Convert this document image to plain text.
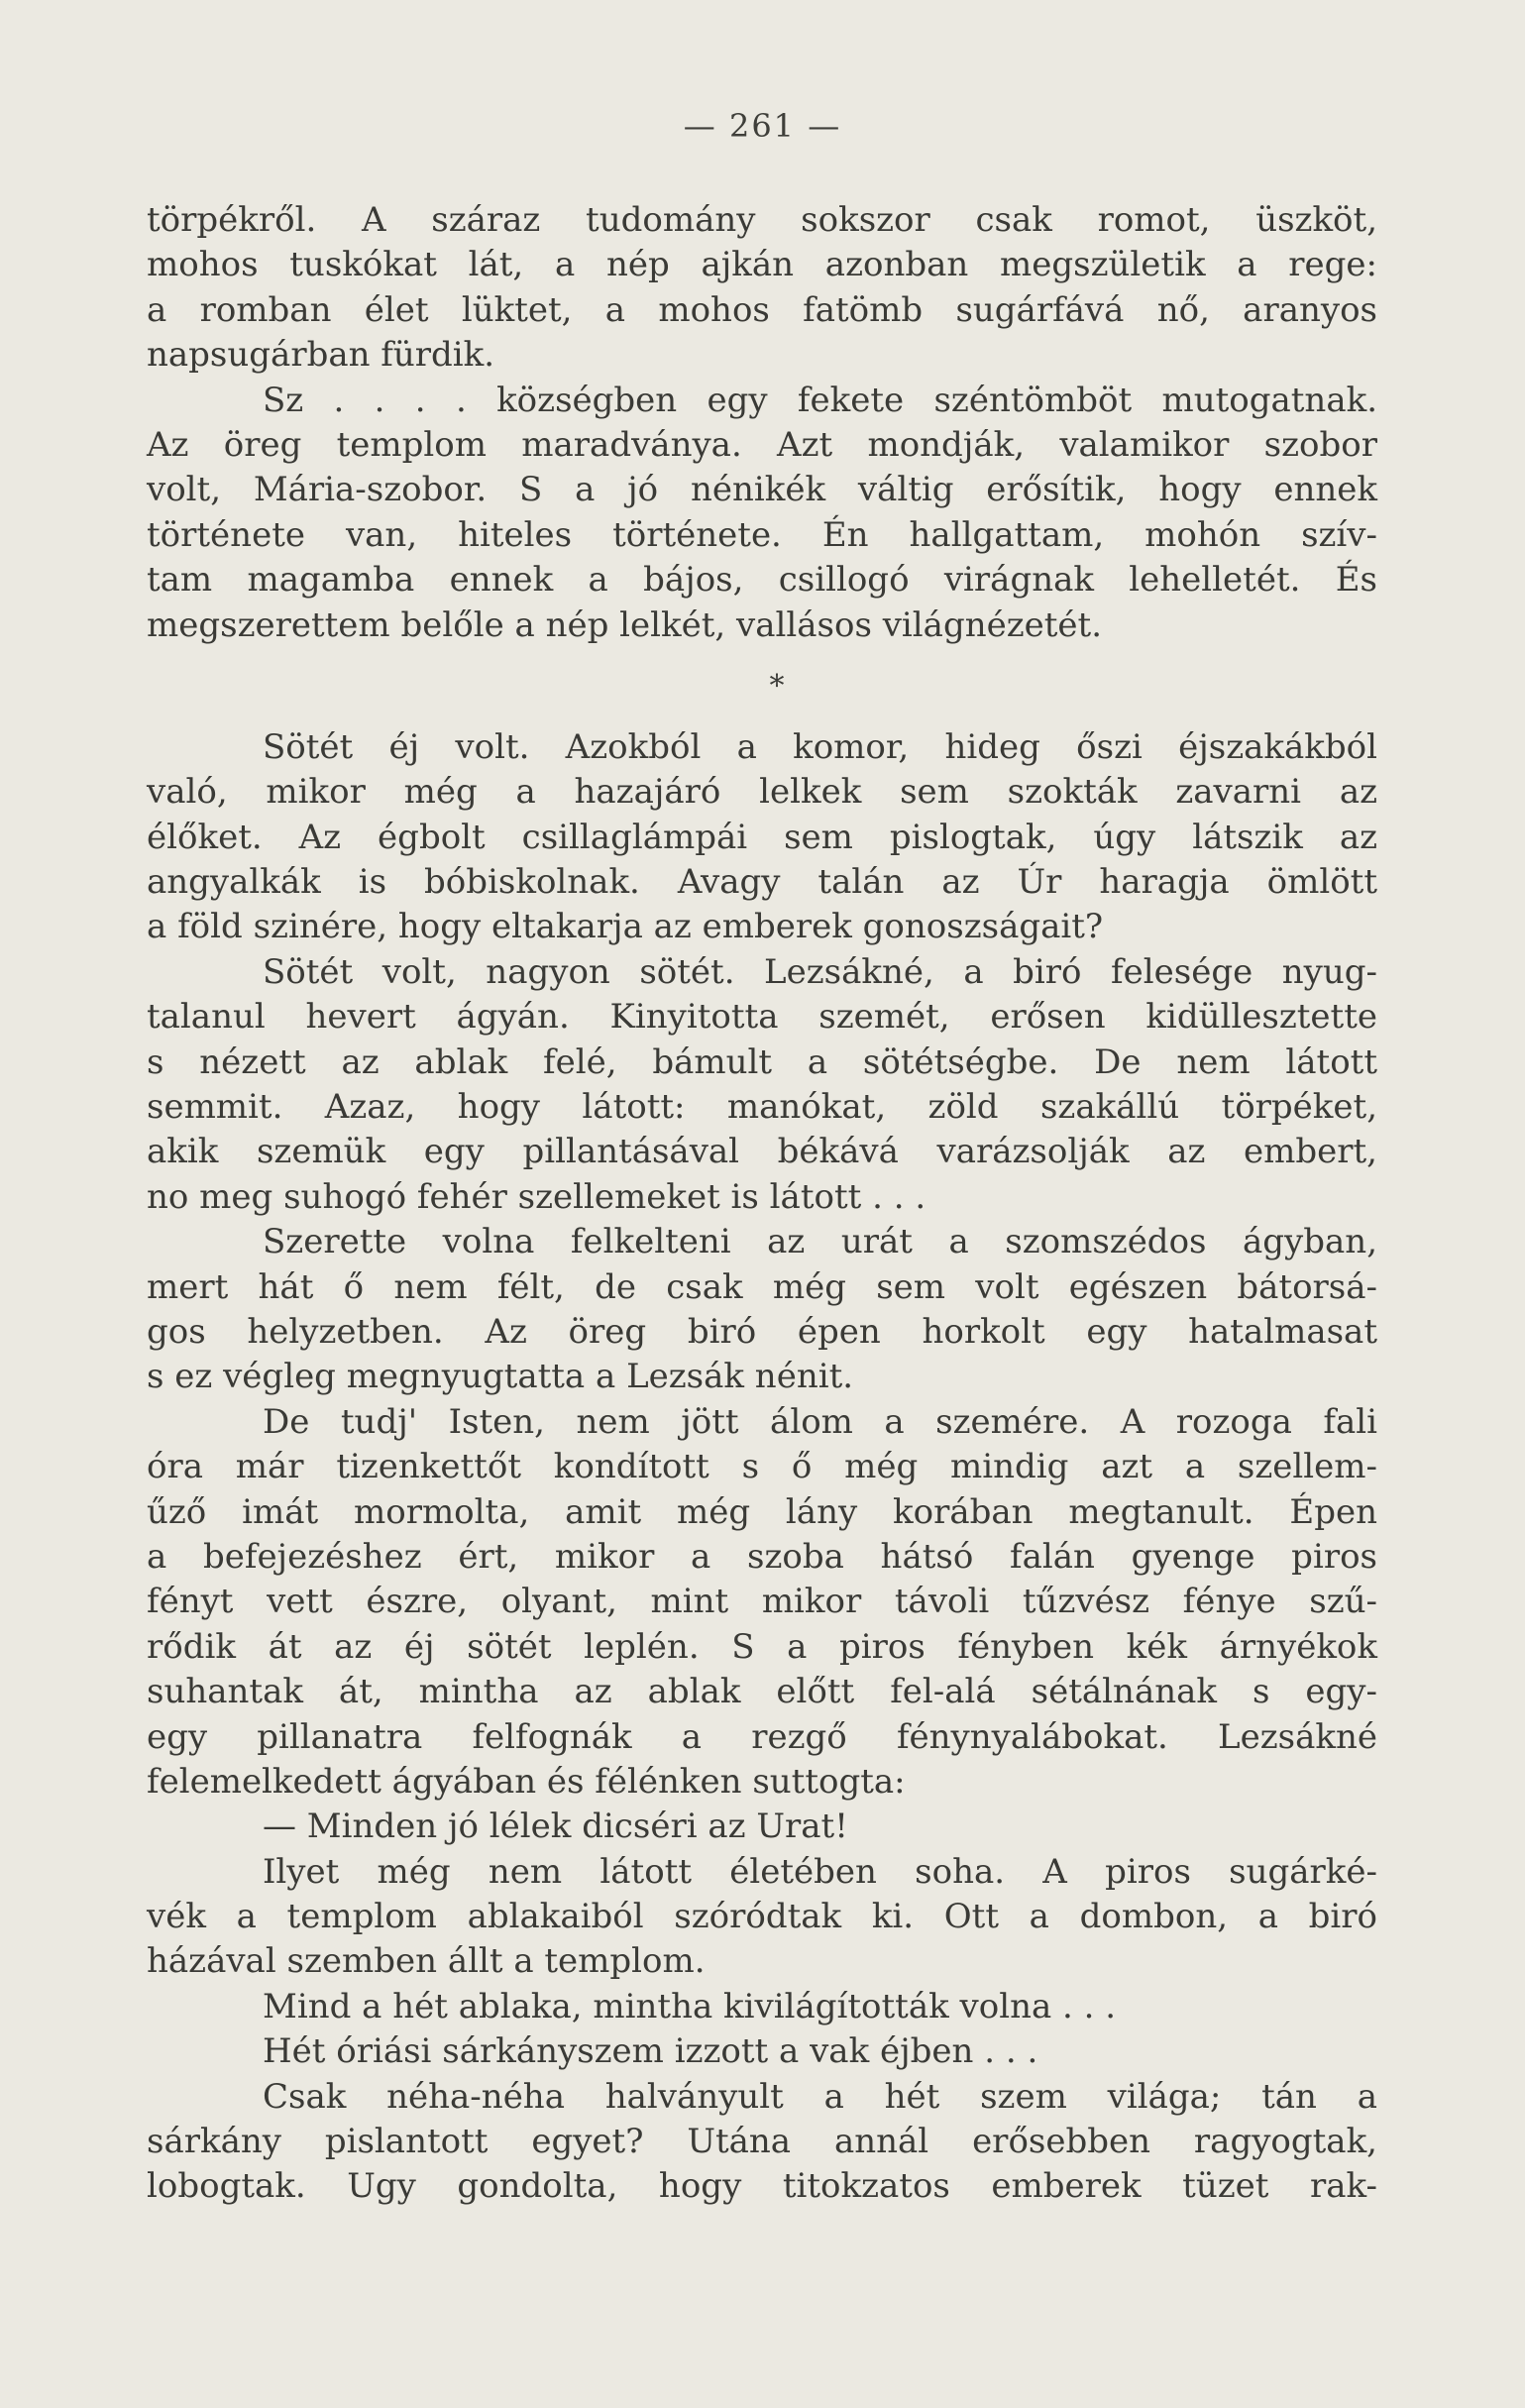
— 261 —
törpékről. A száraz tudomány sokszor csak romot, üszköt,
mohos tuskókat lát, a nép ajkán azonban megszületik a rege:
a romban élet lüktet, a mohos fatömb sugárfává nő, aranyos
napsugárban fürdik.
Sz . . . . községben egy fekete széntömböt mutogatnak.
Az öreg templom maradványa. Azt mondják, valamikor szobor
volt, Mária-szobor. S a jó nénikék váltig erősítik, hogy ennek
története van, hiteles története. Én hallgattam, mohón szív-
tam magamba ennek a bájos, csillogó virágnak lehelletét. És
megszerettem belőle a nép lelkét, vallásos világnézetét.
*
Sötét éj volt. Azokból a komor, hideg őszi éjszakákból
való, mikor még a hazajáró lelkek sem szokták zavarni az
élőket. Az égbolt csillaglámpái sem pislogtak, úgy látszik az
angyalkák is bóbiskolnak. Avagy talán az Úr haragja ömlött
a föld szinére, hogy eltakarja az emberek gonoszságait?
Sötét volt, nagyon sötét. Lezsákné, a biró felesége nyug-
talanul hevert ágyán. Kinyitotta szemét, erősen kidüllesztette
s nézett az ablak felé, bámult a sötétségbe. De nem látott
semmit. Azaz, hogy látott: manókat, zöld szakállú törpéket,
akik szemük egy pillantásával békává varázsolják az embert,
no meg suhogó fehér szellemeket is látott . . .
Szerette volna felkelteni az urát a szomszédos ágyban,
mert hát ő nem félt, de csak még sem volt egészen bátorsá-
gos helyzetben. Az öreg biró épen horkolt egy hatalmasat
s ez végleg megnyugtatta a Lezsák nénit.
De tudj' Isten, nem jött álom a szemére. A rozoga fali
óra már tizenkettőt kondított s ő még mindig azt a szellem-
űző imát mormolta, amit még lány korában megtanult. Épen
a befejezéshez ért, mikor a szoba hátsó falán gyenge piros
fényt vett észre, olyant, mint mikor távoli tűzvész fénye szű-
rődik át az éj sötét leplén. S a piros fényben kék árnyékok
suhantak át, mintha az ablak előtt fel-alá sétálnának s egy-
egy pillanatra felfognák a rezgő fénynyalábokat. Lezsákné
felemelkedett ágyában és félénken suttogta:
— Minden jó lélek dicséri az Urat!
Ilyet még nem látott életében soha. A piros sugárké-
vék a templom ablakaiból szóródtak ki. Ott a dombon, a biró
házával szemben állt a templom.
Mind a hét ablaka, mintha kivilágították volna . . .
Hét óriási sárkányszem izzott a vak éjben . . .
Csak néha-néha halványult a hét szem világa; tán a
sárkány pislantott egyet? Utána annál erősebben ragyogtak,
lobogtak. Ugy gondolta, hogy titokzatos emberek tüzet rak-
